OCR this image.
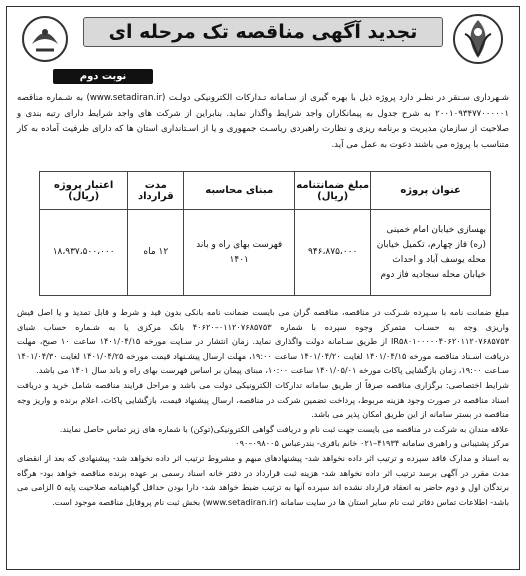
تجدید آگهی مناقصه تک مرحله ای
نوبت دوم
شـهرداری سـنقر در نظـر دارد پروژه ذیل با بهره گیری از سـامانه تـدارکات الکترونیکی دولـت (www.setadiran.ir) به شـماره مناقصه ۲۰۰۱۰۹۳۴۷۷۰۰۰۰۰۱ به شرح جدول به پیمانکاران واجد شرایط واگذار نماید. بنابراین از شرکت های واجد شرایط دارای رتبه بندی و صلاحیت از سازمان مدیریت و برنامه ریزی و نظارت راهبردی ریاسـت جمهوری و یا از اسـتانداری استان ها که دارای ظرفیت آماده به کار متناسب با پروژه می باشند دعوت به عمل می آید.
عنوان پروژه	مبلغ ضمانتنامه (ریال)	مبنای محاسبه	مدت قرارداد	اعتبار پروژه (ریال)
بهسازی خیابان امام خمینی (ره) فاز چهارم، تکمیل خیابان محله یوسف آباد و احداث خیابان محله سجادیه فاز دوم	۹۴۶،۸۷۵،۰۰۰	فهرست بهای راه و باند ۱۴۰۱	۱۲ ماه	۱۸،۹۳۷،۵۰۰،۰۰۰

مبلغ ضمانت نامه با سـپرده شـرکت در مناقصه، مناقصه گران می بایست ضمانت نامه بانکی بدون قید و شرط و قابل تمدید و یا اصل فیش واریزی وجه به حسـاب متمرکز وجوه سپرده با شماره ۰۱۱۲۰۷۶۸۵۷۵۳–۴۰۶۲۰ بانک مرکزی یا به شـماره حساب شبای IR۵۸۰۱۰۰۰۰۰۴۰۶۲۰۱۱۲۰۷۶۸۵۷۵۳ از طریق سـامانه دولت واگذاری نماید. زمان انتشار در سـایت مورخه ۱۴۰۱/۰۴/۱۵ ساعت ۱۰ صبح، مهلت دریافت اسـناد مناقصه مورخه ۱۴۰۱/۰۴/۱۵ لغایت ۱۴۰۱/۰۴/۲۰ ساعت ۱۹:۰۰، مهلت ارسال پیشـنهاد قیمت مورخه ۱۴۰۱/۰۴/۲۵ لغایت ۱۴۰۱/۰۴/۳۰ سـاعت ۱۹:۰۰، زمان بازگشایی پاکات مورخه ۱۴۰۱/۰۵/۰۱ ساعت ۱۰:۰۰، مبنای پیمان بر اساس فهرست بهای راه و باند سال ۱۴۰۱ می باشد.

شرایط اختصاصی: برگزاری مناقصه صرفاً از طریق سامانه تدارکات الکترونیکی دولت می باشد و مراحل فرایند مناقصه شامل خرید و دریافت اسناد مناقصه در صورت وجود هزینه مربوط، پرداخت تضمین شرکت در مناقصه، ارسال پیشنهاد قیمت، بازگشایی پاکات، اعلام برنده و واریز وجه مناقصه در بستر سامانه از این طریق امکان پذیر می باشد.

علاقه مندان به شرکت در مناقصه می بایست جهت ثبت نام و دریافت گواهی الکترونیکی(توکن) با شماره های زیر تماس حاصل نمایند.

مرکز پشتیبانی و راهبری سامانه ۴۱۹۳۴–۰۲۱ خانم باقری- بندرعباس ۰۹۸۰۰۵–۰۹۰

به اسناد و مدارک فاقد سپرده و ترتیب اثر داده نخواهد شد- پیشنهادهای مبهم و مشروط ترتیب اثر داده نخواهد شد- پیشنهادی که بعد از انقضای مدت مقرر در آگهی برسد ترتیب اثر داده نخواهد شد- هزینه ثبت قرارداد در دفتر خانه اسناد رسمی بر عهده برنده مناقصه خواهد بود- هرگاه برندگان اول و دوم حاضر به انعقاد قرارداد نشده اند سپرده آنها به ترتیب ضبط خواهد شد- دارا بودن حداقل گواهینامه صلاحیت پایه ۵ الزامی می باشد- اطلاعات تماس دفاتر ثبت نام سایر استان ها در سایت سامانه (www.setadiran.ir) بخش ثبت نام پروفایل مناقصه موجود است.
